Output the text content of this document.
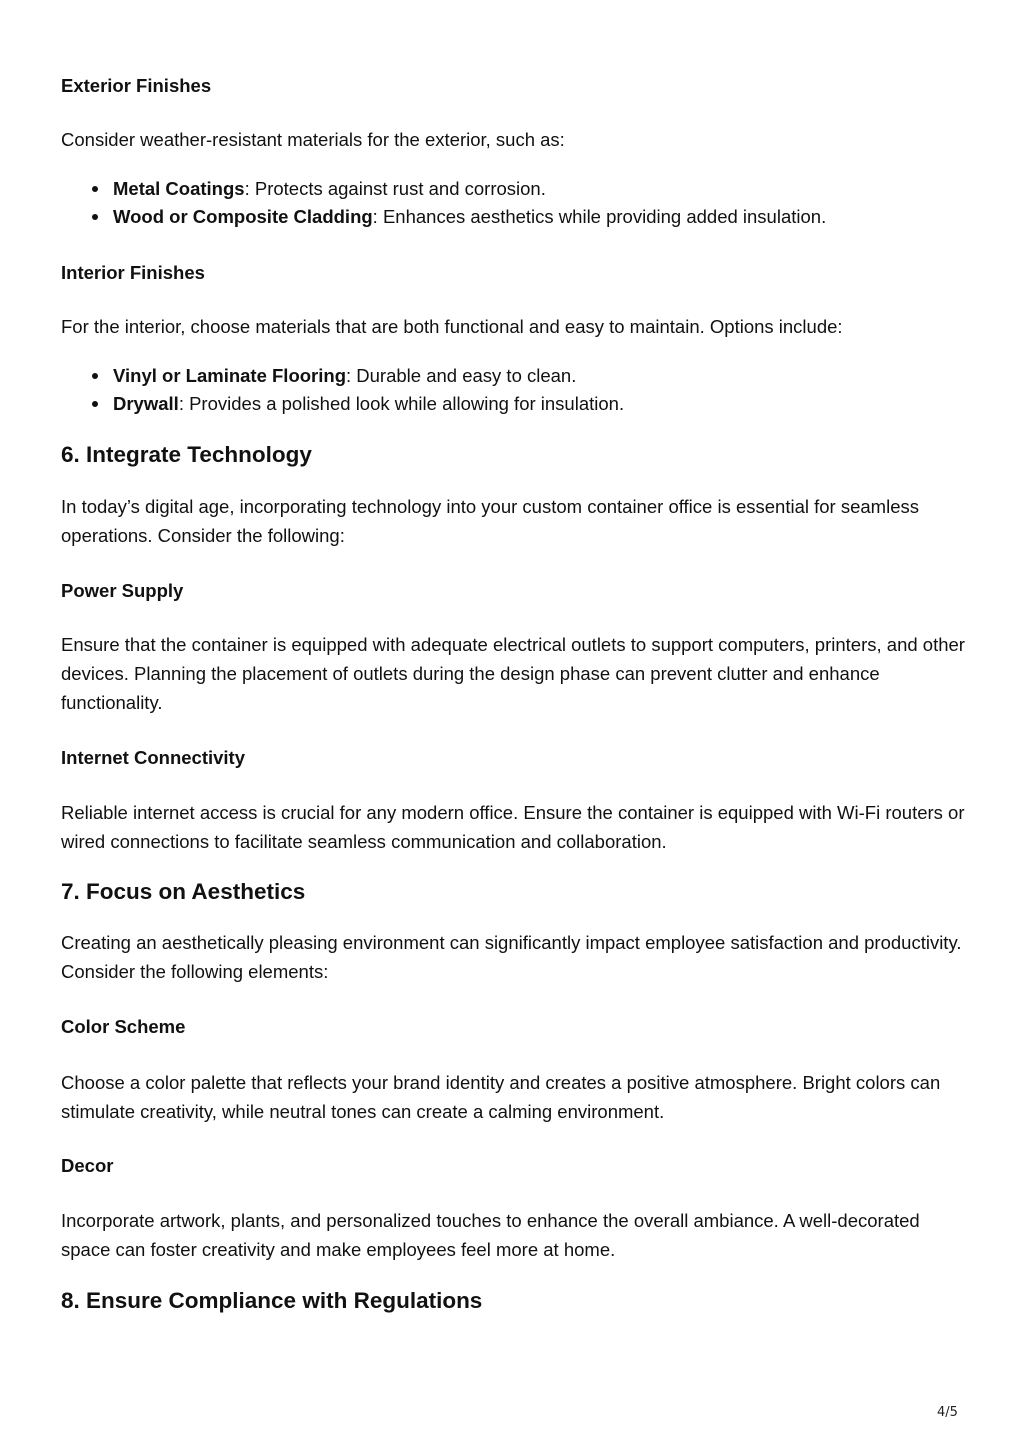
Exterior Finishes

Consider weather-resistant materials for the exterior, such as:

Metal Coatings: Protects against rust and corrosion.
Wood or Composite Cladding: Enhances aesthetics while providing added insulation.
Interior Finishes

For the interior, choose materials that are both functional and easy to maintain. Options include:

Vinyl or Laminate Flooring: Durable and easy to clean.
Drywall: Provides a polished look while allowing for insulation.
6. Integrate Technology

In today’s digital age, incorporating technology into your custom container office is essential for seamless operations. Consider the following:

Power Supply

Ensure that the container is equipped with adequate electrical outlets to support computers, printers, and other devices. Planning the placement of outlets during the design phase can prevent clutter and enhance functionality.

Internet Connectivity

Reliable internet access is crucial for any modern office. Ensure the container is equipped with Wi-Fi routers or wired connections to facilitate seamless communication and collaboration.

7. Focus on Aesthetics

Creating an aesthetically pleasing environment can significantly impact employee satisfaction and productivity. Consider the following elements:

Color Scheme

Choose a color palette that reflects your brand identity and creates a positive atmosphere. Bright colors can stimulate creativity, while neutral tones can create a calming environment.

Decor

Incorporate artwork, plants, and personalized touches to enhance the overall ambiance. A well-decorated space can foster creativity and make employees feel more at home.

8. Ensure Compliance with Regulations
4/5
